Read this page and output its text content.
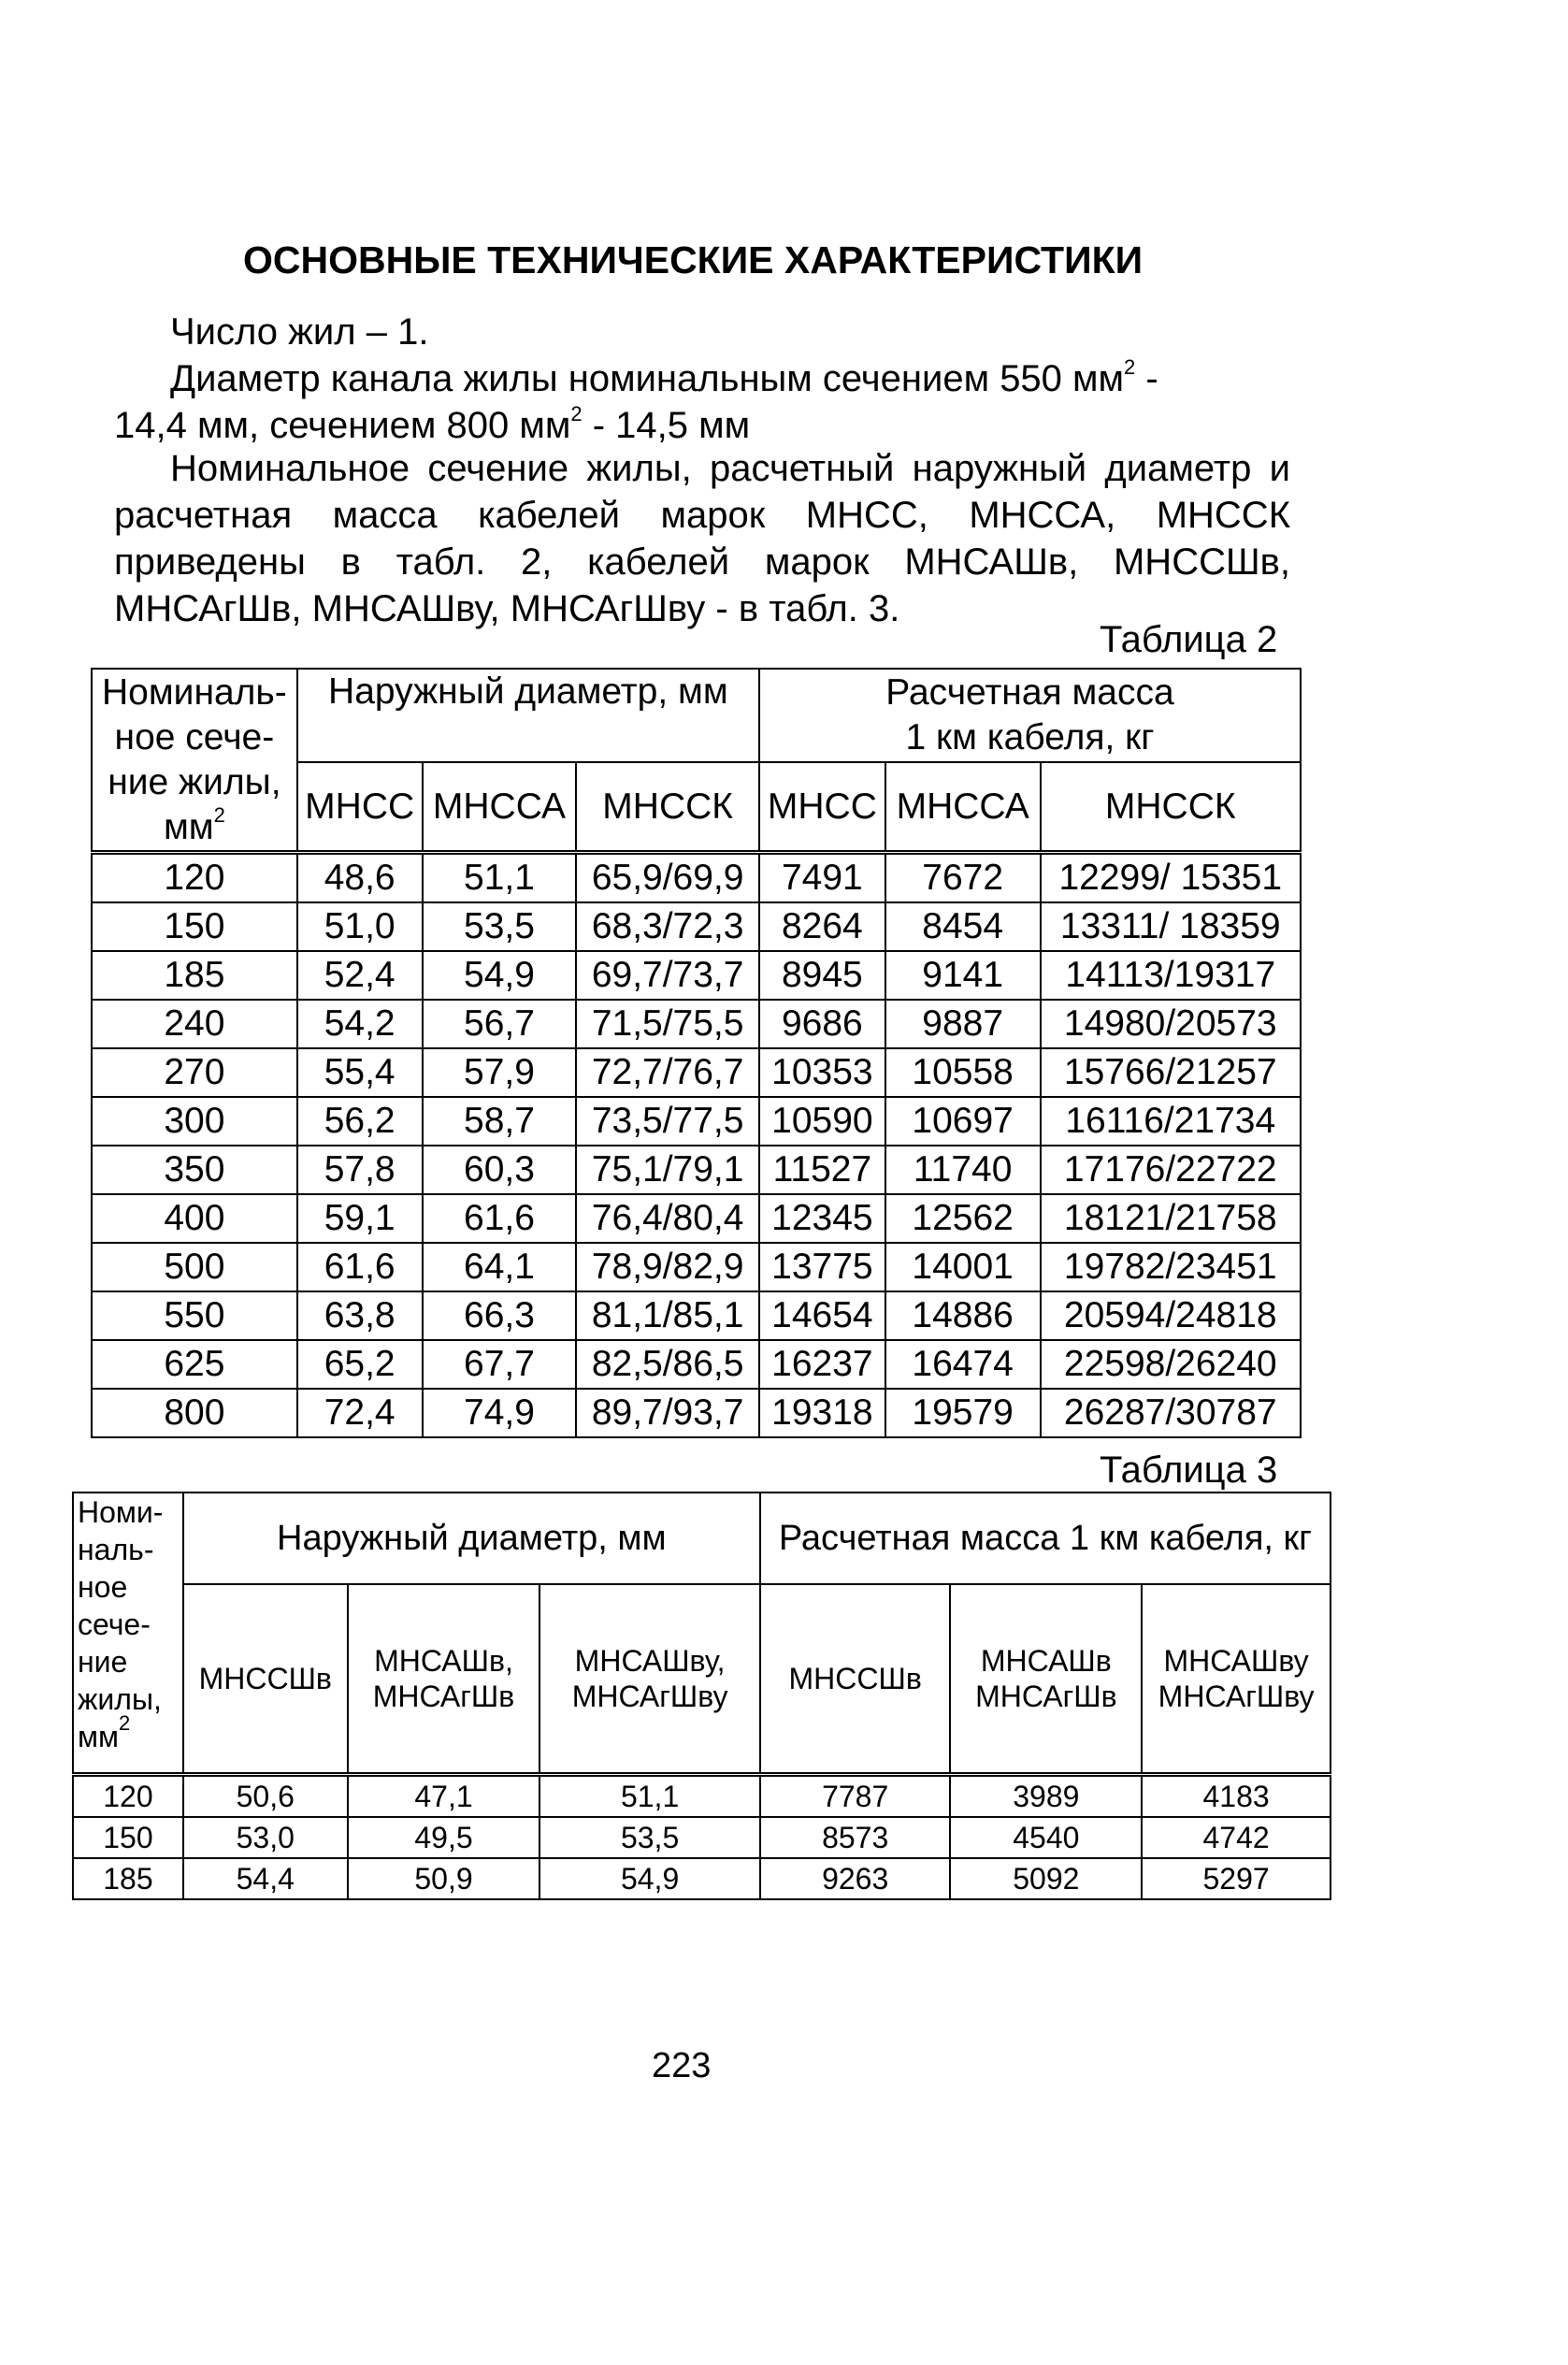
ОСНОВНЫЕ ТЕХНИЧЕСКИЕ ХАРАКТЕРИСТИКИ
Число жил – 1.
Диаметр канала жилы номинальным сечением 550 $мм^2$ -
14,4 мм, сечением 800 $мм^2 - 14,5$ мм
Номинальное сечение жилы, расчетный наружный диаметр и расчетная масса кабелей марок МНСС, МНССА, МНССК приведены в табл. 2, кабелей марок МНСАШв, МНССШв, МНСАгШв, МНСАШву, МНСАгШву - в табл. 3.
Таблица 2
Номиналь-ное сече-ние жилы, $мм^2$	Наружный диаметр, мм			Расчетная масса
1 км кабеля, кг		

	МНСС	МНССА	МНССК	МНСС	МНССА	МНССК
120	48,6	51,1	65,9/69,9	7491	7672	12299/ 15351
150	51,0	53,5	68,3/72,3	8264	8454	13311/ 18359
185	52,4	54,9	69,7/73,7	8945	9141	14113/19317
240	54,2	56,7	71,5/75,5	9686	9887	14980/20573
270	55,4	57,9	72,7/76,7	10353	10558	15766/21257
300	56,2	58,7	73,5/77,5	10590	10697	16116/21734
350	57,8	60,3	75,1/79,1	11527	11740	17176/22722
400	59,1	61,6	76,4/80,4	12345	12562	18121/21758
500	61,6	64,1	78,9/82,9	13775	14001	19782/23451
550	63,8	66,3	81,1/85,1	14654	14886	20594/24818
625	65,2	67,7	82,5/86,5	16237	16474	22598/26240
800	72,4	74,9	89,7/93,7	19318	19579	26287/30787
Таблица 3
Номи-наль-ное сече-ние жилы, $мм^2$	Наружный диаметр, мм			Расчетная масса 1 км кабеля, кг		
	МНССШв	МНСАШв, МНСАгШв	МНСАШву, МНСАгШву	МНССШв	МНСАШв МНСАгШв	МНСАШву МНСАгШву
120	50,6	47,1	51,1	7787	3989	4183
150	53,0	49,5	53,5	8573	4540	4742
185	54,4	50,9	54,9	9263	5092	5297
223
